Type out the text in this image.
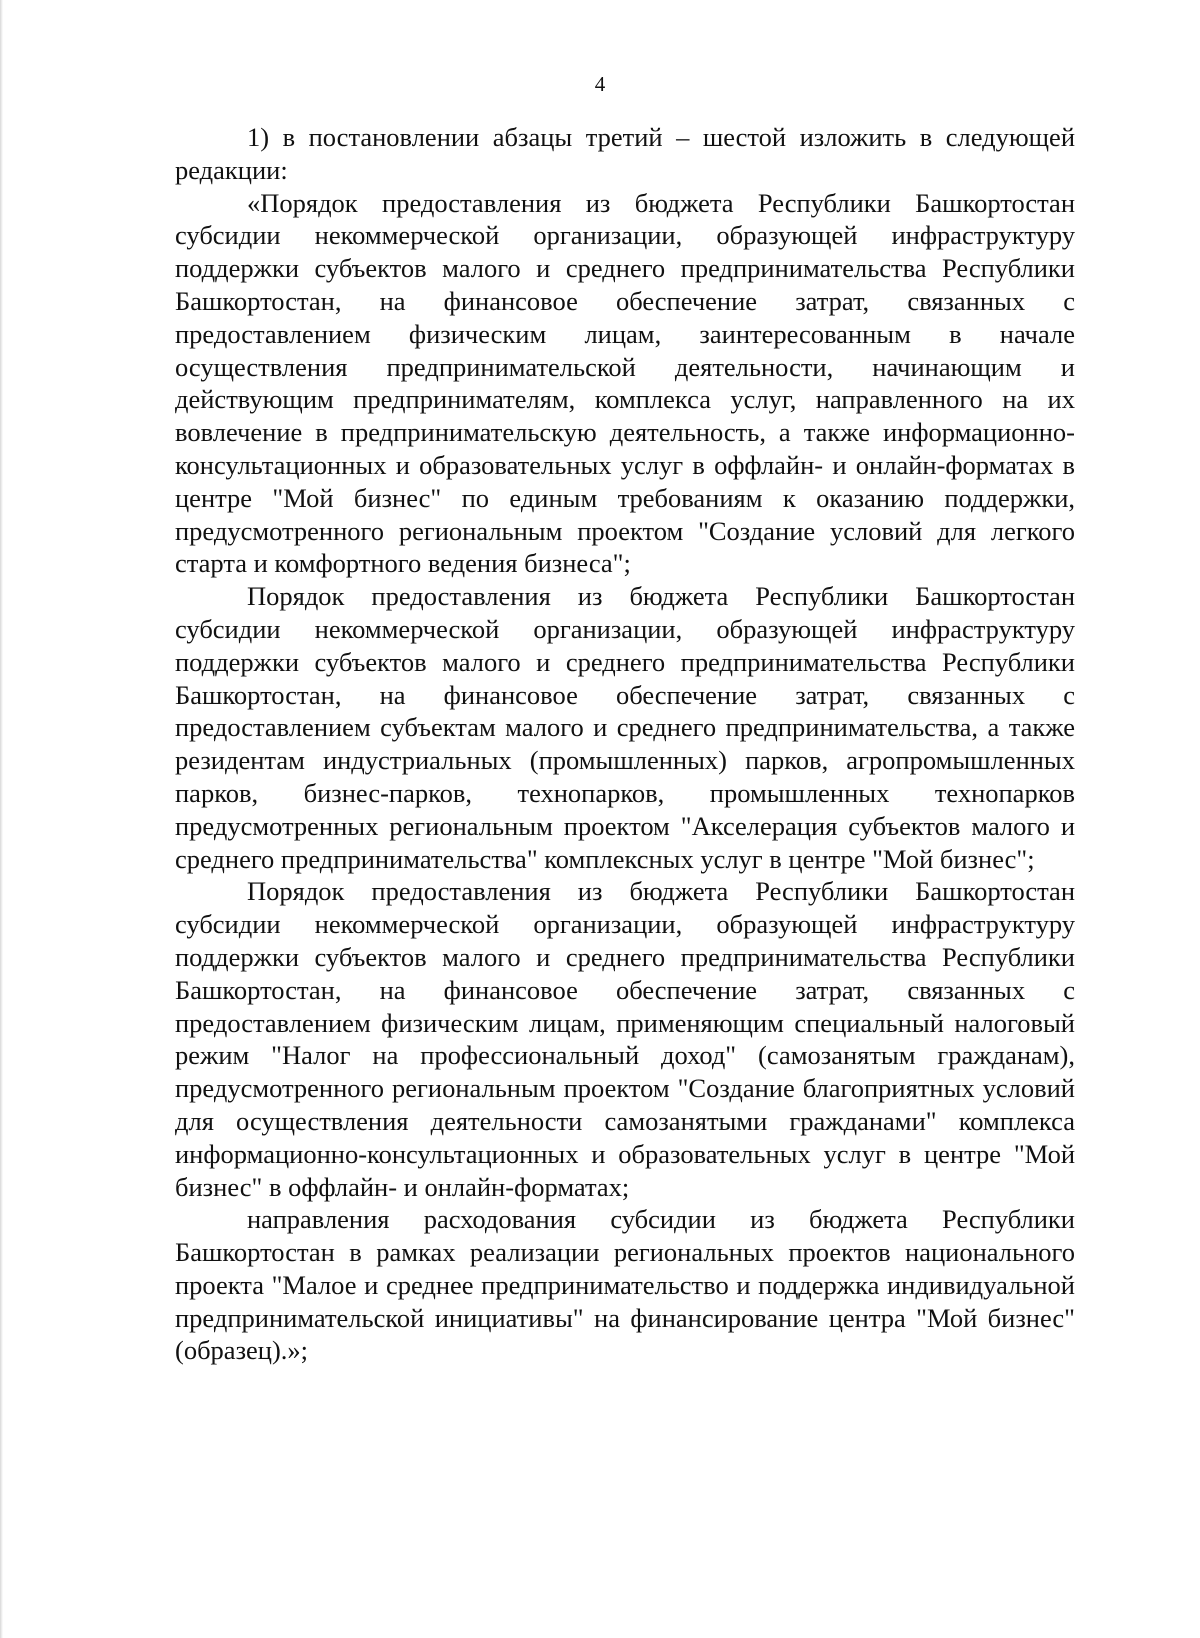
4

1) в постановлении абзацы третий – шестой изложить в следующей редакции:

«Порядок предоставления из бюджета Республики Башкортостан субсидии некоммерческой организации, образующей инфраструктуру поддержки субъектов малого и среднего предпринимательства Республики Башкортостан, на финансовое обеспечение затрат, связанных с предоставлением физическим лицам, заинтересованным в начале осуществления предпринимательской деятельности, начинающим и действующим предпринимателям, комплекса услуг, направленного на их вовлечение в предпринимательскую деятельность, а также информационно-консультационных и образовательных услуг в оффлайн- и онлайн-форматах в центре "Мой бизнес" по единым требованиям к оказанию поддержки, предусмотренного региональным проектом "Создание условий для легкого старта и комфортного ведения бизнеса";

Порядок предоставления из бюджета Республики Башкортостан субсидии некоммерческой организации, образующей инфраструктуру поддержки субъектов малого и среднего предпринимательства Республики Башкортостан, на финансовое обеспечение затрат, связанных с предоставлением субъектам малого и среднего предпринимательства, а также резидентам индустриальных (промышленных) парков, агропромышленных парков, бизнес-парков, технопарков, промышленных технопарков предусмотренных региональным проектом "Акселерация субъектов малого и среднего предпринимательства" комплексных услуг в центре "Мой бизнес";

Порядок предоставления из бюджета Республики Башкортостан субсидии некоммерческой организации, образующей инфраструктуру поддержки субъектов малого и среднего предпринимательства Республики Башкортостан, на финансовое обеспечение затрат, связанных с предоставлением физическим лицам, применяющим специальный налоговый режим "Налог на профессиональный доход" (самозанятым гражданам), предусмотренного региональным проектом "Создание благоприятных условий для осуществления деятельности самозанятыми гражданами" комплекса информационно-консультационных и образовательных услуг в центре "Мой бизнес" в оффлайн- и онлайн-форматах;

направления расходования субсидии из бюджета Республики Башкортостан в рамках реализации региональных проектов национального проекта "Малое и среднее предпринимательство и поддержка индивидуальной предпринимательской инициативы" на финансирование центра "Мой бизнес" (образец).»;
